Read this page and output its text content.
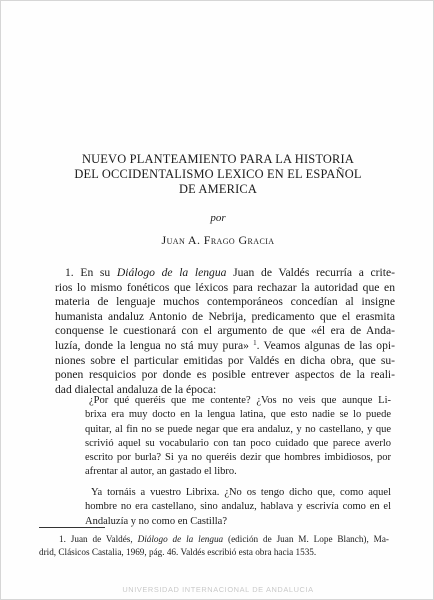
NUEVO PLANTEAMIENTO PARA LA HISTORIA
DEL OCCIDENTALISMO LEXICO EN EL ESPAÑOL
DE AMERICA
por
Juan A. Frago Gracia
1. En su Diálogo de la lengua Juan de Valdés recurría a crite-
rios lo mismo fonéticos que léxicos para rechazar la autoridad que en
materia de lenguaje muchos contemporáneos concedían al insigne
humanista andaluz Antonio de Nebrija, predicamento que el erasmita
conquense le cuestionará con el argumento de que «él era de Anda-
luzía, donde la lengua no stá muy pura» $^1$. Veamos algunas de las opi-
niones sobre el particular emitidas por Valdés en dicha obra, que su-
ponen resquicios por donde es posible entrever aspectos de la reali-
dad dialectal andaluza de la época:
¿Por qué queréis que me contente? ¿Vos no veis que aunque Li-
brixa era muy docto en la lengua latina, que esto nadie se lo puede
quitar, al fin no se puede negar que era andaluz, y no castellano, y que
scrivió aquel su vocabulario con tan poco cuidado que parece averlo
escrito por burla? Si ya no queréis dezir que hombres imbidiosos, por
afrentar al autor, an gastado el libro.
Ya tornáis a vuestro Librixa. ¿No os tengo dicho que, como aquel
hombre no era castellano, sino andaluz, hablava y escrivía como en el
Andaluzía y no como en Castilla?
1. Juan de Valdés, Diálogo de la lengua (edición de Juan M. Lope Blanch), Ma-
drid, Clásicos Castalia, 1969, pág. 46. Valdés escribió esta obra hacia 1535.
UNIVERSIDAD INTERNACIONAL DE ANDALUCIA
